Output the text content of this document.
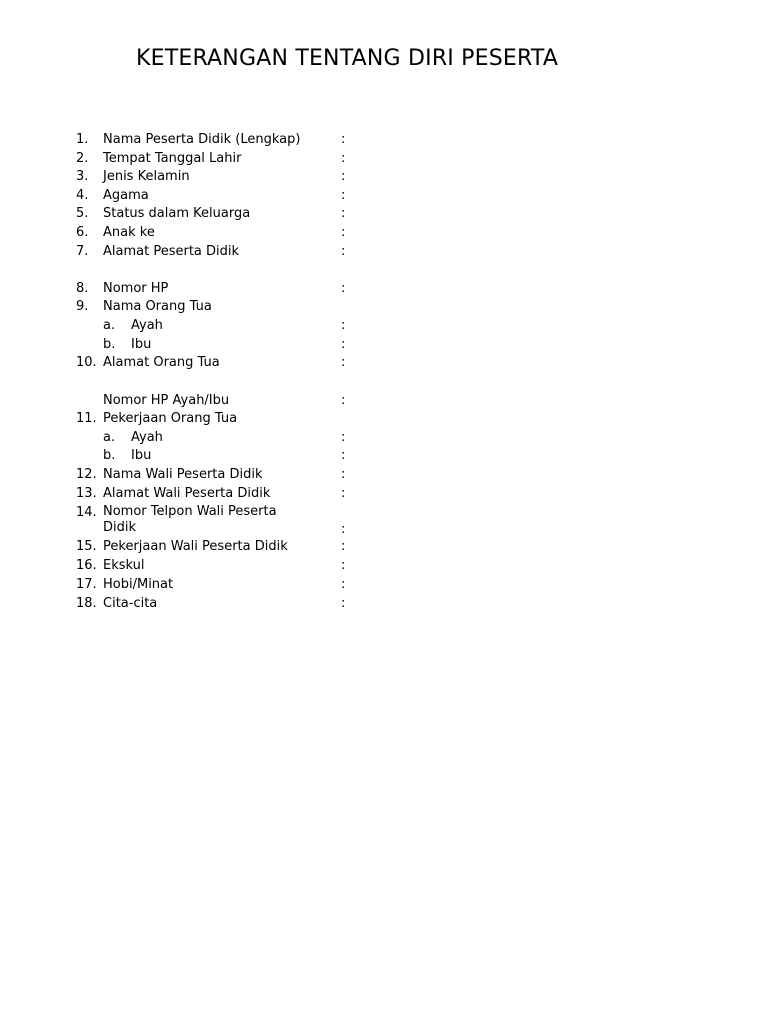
KETERANGAN TENTANG DIRI PESERTA
1. Nama Peserta Didik (Lengkap)	:
2. Tempat Tanggal Lahir	:
3. Jenis Kelamin	:
4. Agama	:
5. Status dalam Keluarga	:
6. Anak ke	:
7. Alamat Peserta Didik	:
8. Nomor HP	:
9. Nama Orang Tua
a. Ayah	:
b. Ibu	:
10. Alamat Orang Tua	:
Nomor HP Ayah/Ibu	:
11. Pekerjaan Orang Tua
a. Ayah	:
b. Ibu	:
12. Nama Wali Peserta Didik	:
13. Alamat Wali Peserta Didik	:
14. Nomor Telpon Wali Peserta
Didik	:
15. Pekerjaan Wali Peserta Didik	:
16. Ekskul	:
17. Hobi/Minat	:
18. Cita-cita	:
